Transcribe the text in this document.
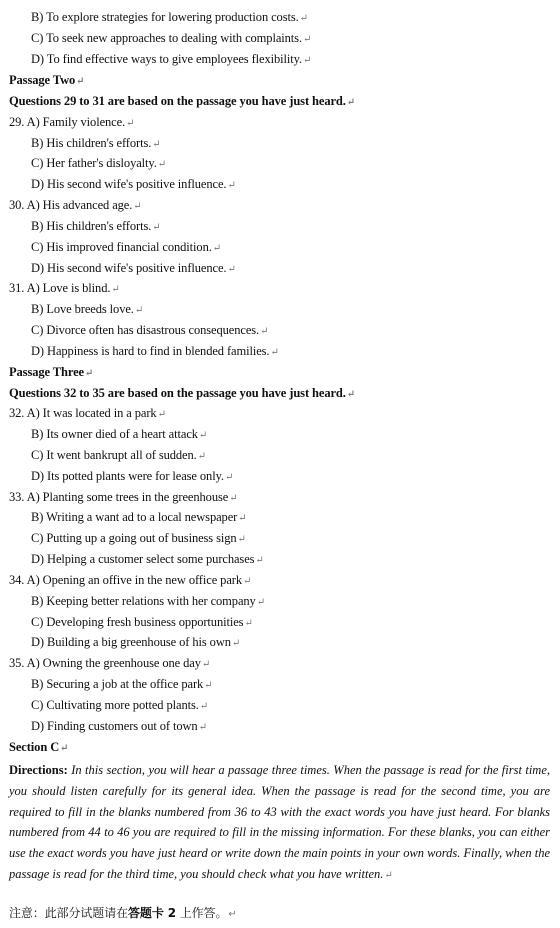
B) To explore strategies for lowering production costs.↵
C) To seek new approaches to dealing with complaints.↵
D) To find effective ways to give employees flexibility.↵
Passage Two↵
Questions 29 to 31 are based on the passage you have just heard.↵
29. A) Family violence.↵
B) His children's efforts.↵
C) Her father's disloyalty.↵
D) His second wife's positive influence.↵
30. A) His advanced age.↵
B) His children's efforts.↵
C) His improved financial condition.↵
D) His second wife's positive influence.↵
31. A) Love is blind.↵
B) Love breeds love.↵
C) Divorce often has disastrous consequences.↵
D) Happiness is hard to find in blended families.↵
Passage Three↵
Questions 32 to 35 are based on the passage you have just heard.↵
32. A) It was located in a park↵
B) Its owner died of a heart attack↵
C) It went bankrupt all of sudden.↵
D) Its potted plants were for lease only.↵
33. A) Planting some trees in the greenhouse↵
B) Writing a want ad to a local newspaper↵
C) Putting up a going out of business sign↵
D) Helping a customer select some purchases↵
34. A) Opening an offive in the new office park↵
B) Keeping better relations with her company↵
C) Developing fresh business opportunities↵
D) Building a big greenhouse of his own↵
35. A) Owning the greenhouse one day↵
B) Securing a job at the office park↵
C) Cultivating more potted plants.↵
D) Finding customers out of town↵
Section C↵
Directions: In this section, you will hear a passage three times. When the passage is read for the first time, you should listen carefully for its general idea. When the passage is read for the second time, you are required to fill in the blanks numbered from 36 to 43 with the exact words you have just heard. For blanks numbered from 44 to 46 you are required to fill in the missing information. For these blanks, you can either use the exact words you have just heard or write down the main points in your own words. Finally, when the passage is read for the third time, you should check what you have written.↵
注意：此部分试题请在答题卡 2 上作答。↵
